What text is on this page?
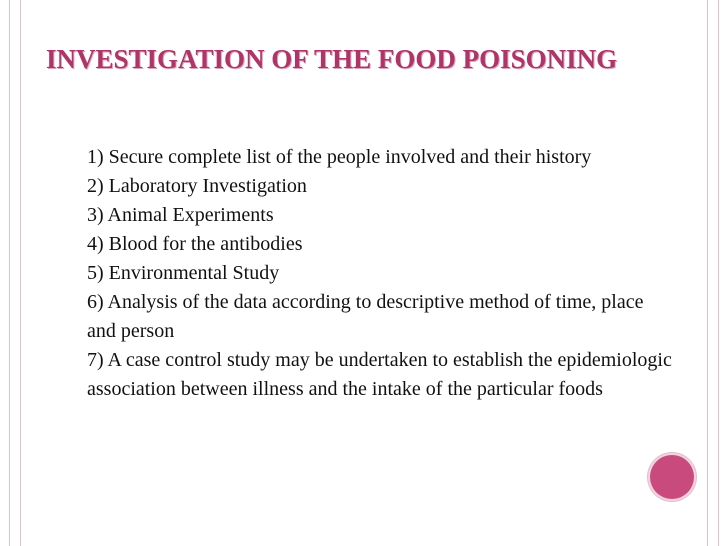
INVESTIGATION OF THE FOOD POISONING
1) Secure complete list of the people involved and their history
2) Laboratory Investigation
3) Animal Experiments
4) Blood for the antibodies
5) Environmental Study
6) Analysis of the data according to descriptive method of time, place and person
7) A case control study may be undertaken to establish the epidemiologic association between illness and the intake of the particular foods
